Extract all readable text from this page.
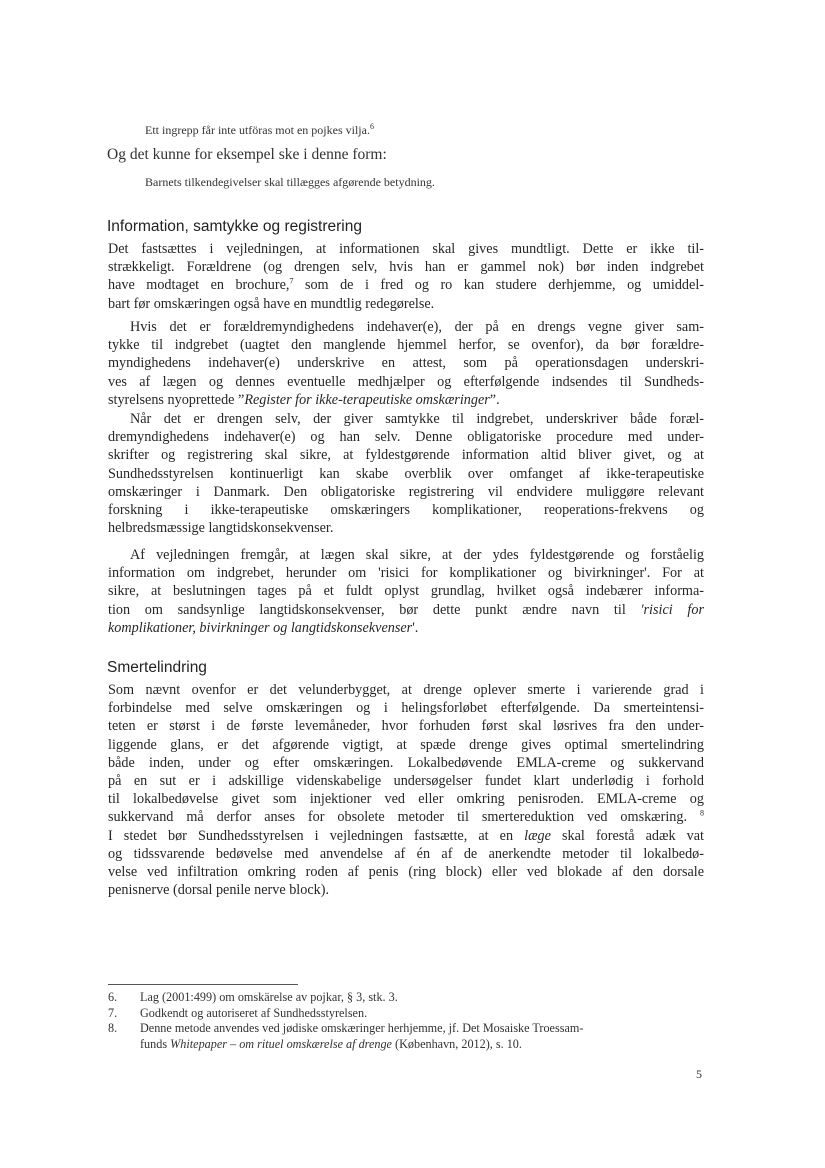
Ett ingrepp får inte utföras mot en pojkes vilja.$^6$
Og det kunne for eksempel ske i denne form:
Barnets tilkendegivelser skal tillægges afgørende betydning.
Information, samtykke og registrering
Det fastsættes i vejledningen, at informationen skal gives mundtligt. Dette er ikke til-
strækkeligt. Forældrene (og drengen selv, hvis han er gammel nok) bør inden indgrebet
have modtaget en brochure,$^7$ som de i fred og ro kan studere derhjemme, og umiddel-
bart før omskæringen også have en mundtlig redegørelse.
Hvis det er forældremyndighedens indehaver(e), der på en drengs vegne giver sam-
tykke til indgrebet (uagtet den manglende hjemmel herfor, se ovenfor), da bør forældre-
myndighedens indehaver(e) underskrive en attest, som på operationsdagen underskri-
ves af lægen og dennes eventuelle medhjælper og efterfølgende indsendes til Sundheds-
styrelsens nyoprettede ”Register for ikke-terapeutiske omskæringer”.
Når det er drengen selv, der giver samtykke til indgrebet, underskriver både foræl-
dremyndighedens indehaver(e) og han selv. Denne obligatoriske procedure med under-
skrifter og registrering skal sikre, at fyldestgørende information altid bliver givet, og at
Sundhedsstyrelsen kontinuerligt kan skabe overblik over omfanget af ikke-terapeutiske
omskæringer i Danmark. Den obligatoriske registrering vil endvidere muliggøre relevant
forskning i ikke-terapeutiske omskæringers komplikationer, reoperations-frekvens og
helbredsmæssige langtidskonsekvenser.
Af vejledningen fremgår, at lægen skal sikre, at der ydes fyldestgørende og forståelig
information om indgrebet, herunder om 'risici for komplikationer og bivirkninger'. For at
sikre, at beslutningen tages på et fuldt oplyst grundlag, hvilket også indebærer informa-
tion om sandsynlige langtidskonsekvenser, bør dette punkt ændre navn til 'risici for
komplikationer, bivirkninger og langtidskonsekvenser'.
Smertelindring
Som nævnt ovenfor er det velunderbygget, at drenge oplever smerte i varierende grad i
forbindelse med selve omskæringen og i helingsforløbet efterfølgende. Da smerteintensi-
teten er størst i de første levemåneder, hvor forhuden først skal løsrives fra den under-
liggende glans, er det afgørende vigtigt, at spæde drenge gives optimal smertelindring
både inden, under og efter omskæringen. Lokalbedøvende EMLA-creme og sukkervand
på en sut er i adskillige videnskabelige undersøgelser fundet klart underlødig i forhold
til lokalbedøvelse givet som injektioner ved eller omkring penisroden. EMLA-creme og
sukkervand må derfor anses for obsolete metoder til smertereduktion ved omskæring. $^8$
I stedet bør Sundhedsstyrelsen i vejledningen fastsætte, at en læge skal forestå adæk vat
og tidssvarende bedøvelse med anvendelse af én af de anerkendte metoder til lokalbedø-
velse ved infiltration omkring roden af penis (ring block) eller ved blokade af den dorsale
penisnerve (dorsal penile nerve block).
6. Lag (2001:499) om omskärelse av pojkar, § 3, stk. 3.
7. Godkendt og autoriseret af Sundhedsstyrelsen.
8. Denne metode anvendes ved jødiske omskæringer herhjemme, jf. Det Mosaiske Troessam-
funds Whitepaper – om rituel omskærelse af drenge (København, 2012), s. 10.
5
